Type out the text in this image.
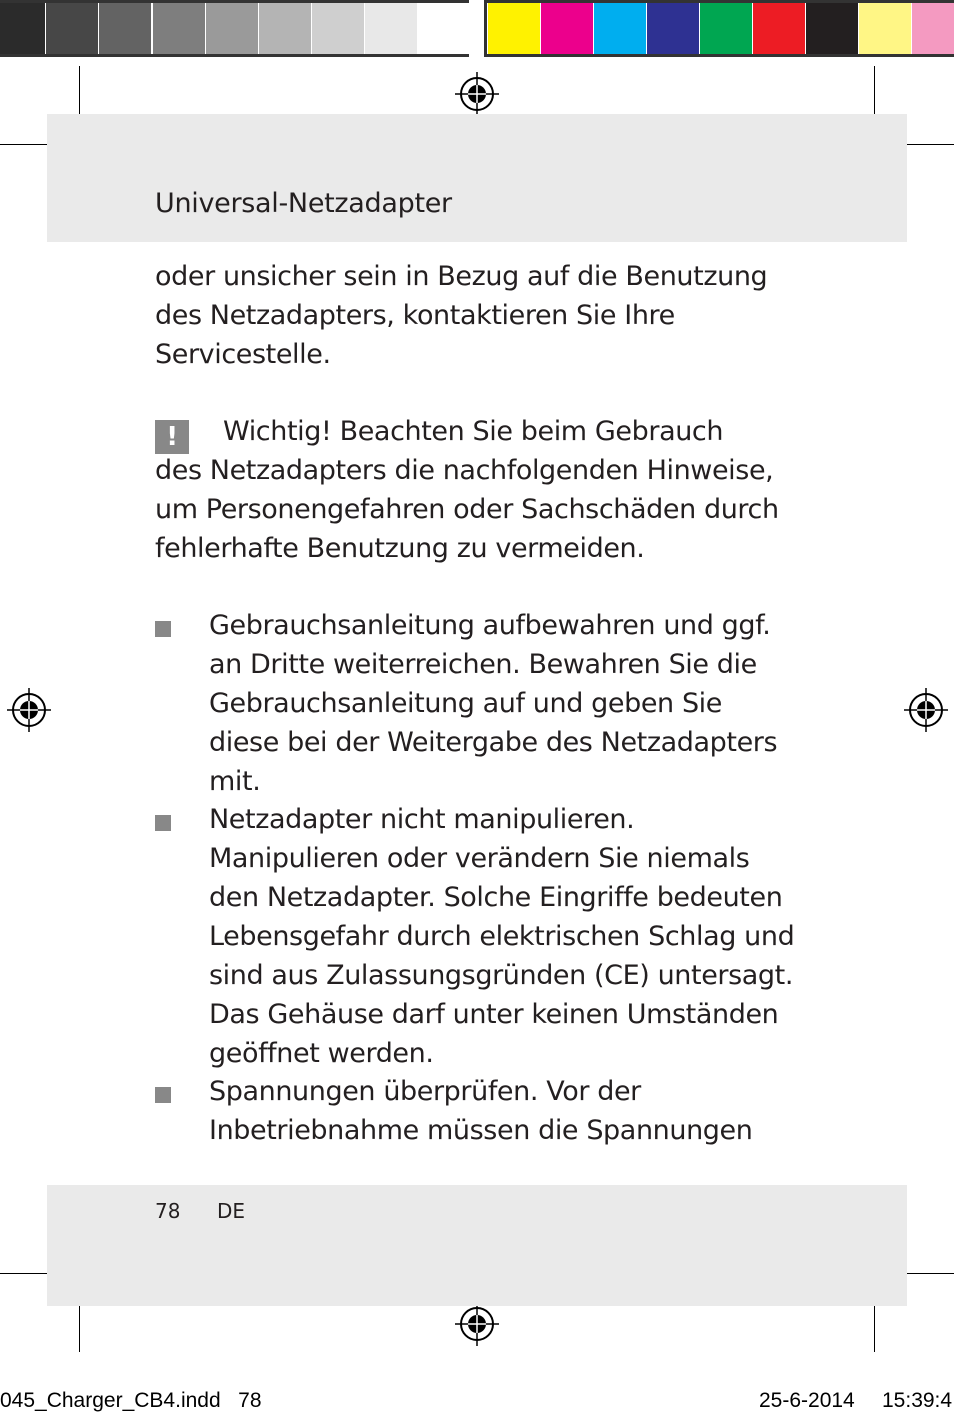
Universal-Netzadapter
oder unsicher sein in Bezug auf die Benutzung
des Netzadapters, kontaktieren Sie Ihre
Servicestelle.
! Wichtig! Beachten Sie beim Gebrauch
des Netzadapters die nachfolgenden Hinweise,
um Personengefahren oder Sachschäden durch
fehlerhafte Benutzung zu vermeiden.
Gebrauchsanleitung aufbewahren und ggf.
an Dritte weiterreichen. Bewahren Sie die
Gebrauchsanleitung auf und geben Sie
diese bei der Weitergabe des Netzadapters
mit.
Netzadapter nicht manipulieren.
Manipulieren oder verändern Sie niemals
den Netzadapter. Solche Eingriffe bedeuten
Lebensgefahr durch elektrischen Schlag und
sind aus Zulassungsgründen (CE) untersagt.
Das Gehäuse darf unter keinen Umständen
geöffnet werden.
Spannungen überprüfen. Vor der
Inbetriebnahme müssen die Spannungen
78 DE
045_Charger_CB4.indd   78	25-6-2014 15:39:4
